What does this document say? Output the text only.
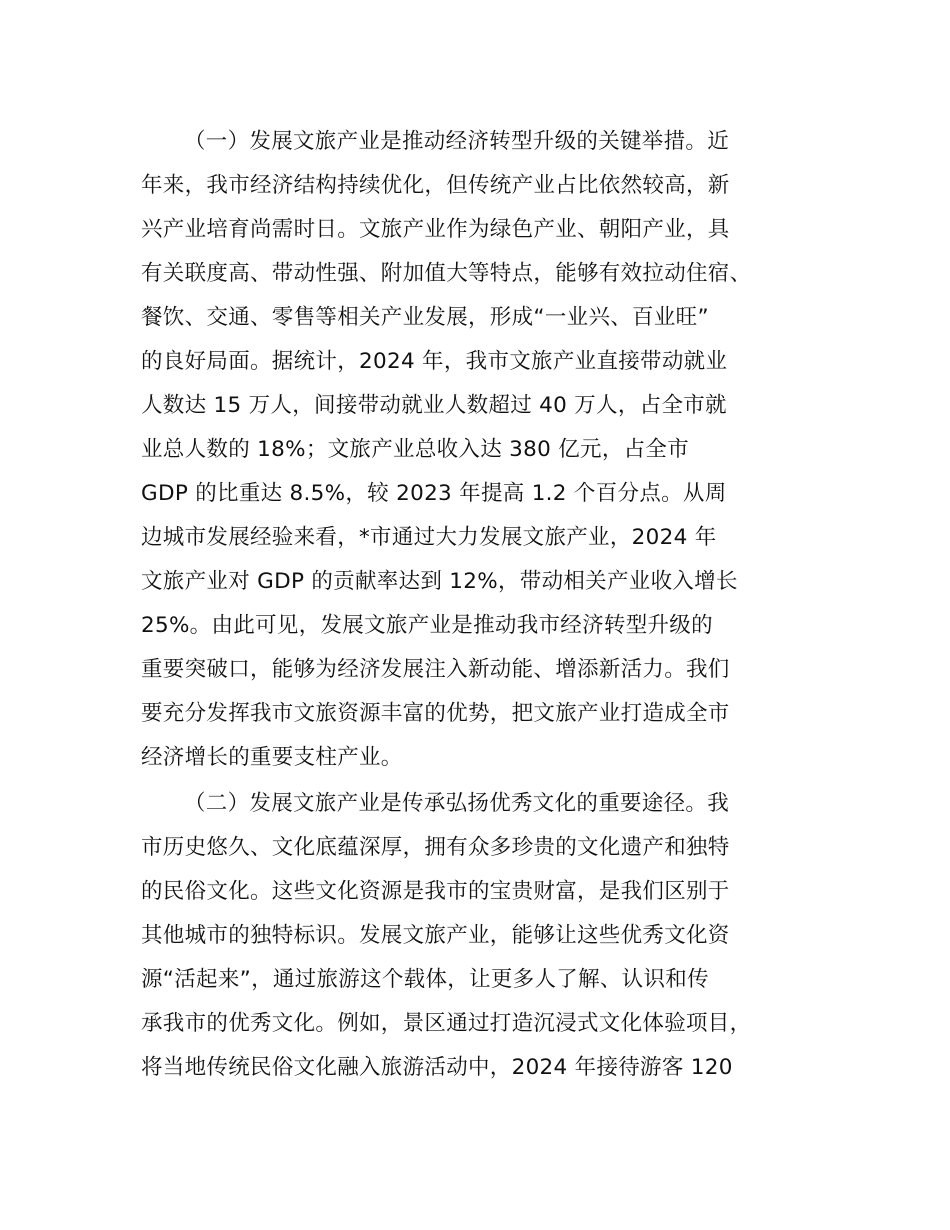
（一）发展文旅产业是推动经济转型升级的关键举措。近
年来，我市经济结构持续优化，但传统产业占比依然较高，新
兴产业培育尚需时日。文旅产业作为绿色产业、朝阳产业，具
有关联度高、带动性强、附加值大等特点，能够有效拉动住宿、
餐饮、交通、零售等相关产业发展，形成“一业兴、百业旺”
的良好局面。据统计，2024 年，我市文旅产业直接带动就业
人数达 15 万人，间接带动就业人数超过 40 万人，占全市就
业总人数的 18%；文旅产业总收入达 380 亿元，占全市
GDP 的比重达 8.5%，较 2023 年提高 1.2 个百分点。从周
边城市发展经验来看，*市通过大力发展文旅产业，2024 年
文旅产业对 GDP 的贡献率达到 12%，带动相关产业收入增长
25%。由此可见，发展文旅产业是推动我市经济转型升级的
重要突破口，能够为经济发展注入新动能、增添新活力。我们
要充分发挥我市文旅资源丰富的优势，把文旅产业打造成全市
经济增长的重要支柱产业。
（二）发展文旅产业是传承弘扬优秀文化的重要途径。我
市历史悠久、文化底蕴深厚，拥有众多珍贵的文化遗产和独特
的民俗文化。这些文化资源是我市的宝贵财富，是我们区别于
其他城市的独特标识。发展文旅产业，能够让这些优秀文化资
源“活起来”，通过旅游这个载体，让更多人了解、认识和传
承我市的优秀文化。例如，景区通过打造沉浸式文化体验项目，
将当地传统民俗文化融入旅游活动中，2024 年接待游客 120
